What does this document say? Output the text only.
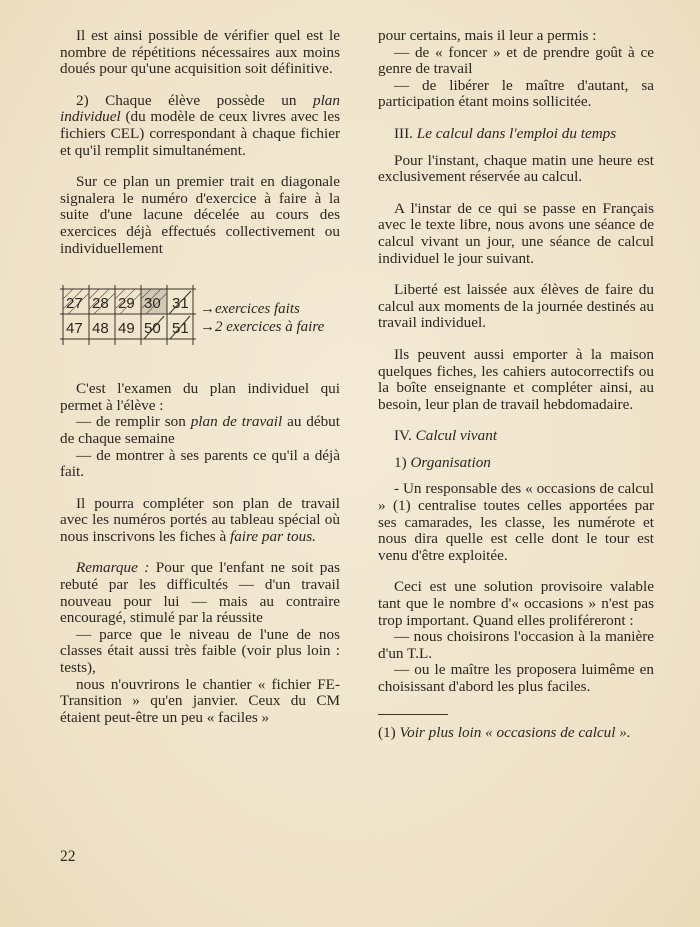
Il est ainsi possible de vérifier quel est le nombre de répétitions nécessaires aux moins doués pour qu'une acquisition soit définitive.

2) Chaque élève possède un plan individuel (du modèle de ceux livres avec les fichiers CEL) correspondant à chaque fichier et qu'il remplit simultanément.

Sur ce plan un premier trait en diagonale signalera le numéro d'exercice à faire à la suite d'une lacune décelée au cours des exercices déjà effectués collectivement ou individuellement

27 28 29 30 31
47 48 49 50 51
→exercices faits
→2 exercices à faire

C'est l'examen du plan individuel qui permet à l'élève :

— de remplir son plan de travail au début de chaque semaine

— de montrer à ses parents ce qu'il a déjà fait.

Il pourra compléter son plan de travail avec les numéros portés au tableau spécial où nous inscrivons les fiches à faire par tous.

Remarque : Pour que l'enfant ne soit pas rebuté par les difficultés — d'un travail nouveau pour lui — mais au contraire encouragé, stimulé par la réussite

— parce que le niveau de l'une de nos classes était aussi très faible (voir plus loin : tests),

nous n'ouvrirons le chantier « fichier FE-Transition » qu'en janvier. Ceux du CM étaient peut-être un peu « faciles »

pour certains, mais il leur a permis :

— de « foncer » et de prendre goût à ce genre de travail

— de libérer le maître d'autant, sa participation étant moins sollicitée.

III. Le calcul dans l'emploi du temps

Pour l'instant, chaque matin une heure est exclusivement réservée au calcul.

A l'instar de ce qui se passe en Français avec le texte libre, nous avons une séance de calcul vivant un jour, une séance de calcul individuel le jour suivant.

Liberté est laissée aux élèves de faire du calcul aux moments de la journée destinés au travail individuel.

Ils peuvent aussi emporter à la maison quelques fiches, les cahiers autocorrectifs ou la boîte enseignante et compléter ainsi, au besoin, leur plan de travail hebdomadaire.

IV. Calcul vivant
1) Organisation

- Un responsable des « occasions de calcul » (1) centralise toutes celles apportées par ses camarades, les classe, les numérote et nous dira quelle est celle dont le tour est venu d'être exploitée.

Ceci est une solution provisoire valable tant que le nombre d'« occasions » n'est pas trop important. Quand elles proliféreront :

— nous choisirons l'occasion à la manière d'un T.L.

— ou le maître les proposera luimême en choisissant d'abord les plus faciles.

(1) Voir plus loin « occasions de calcul ».

22
